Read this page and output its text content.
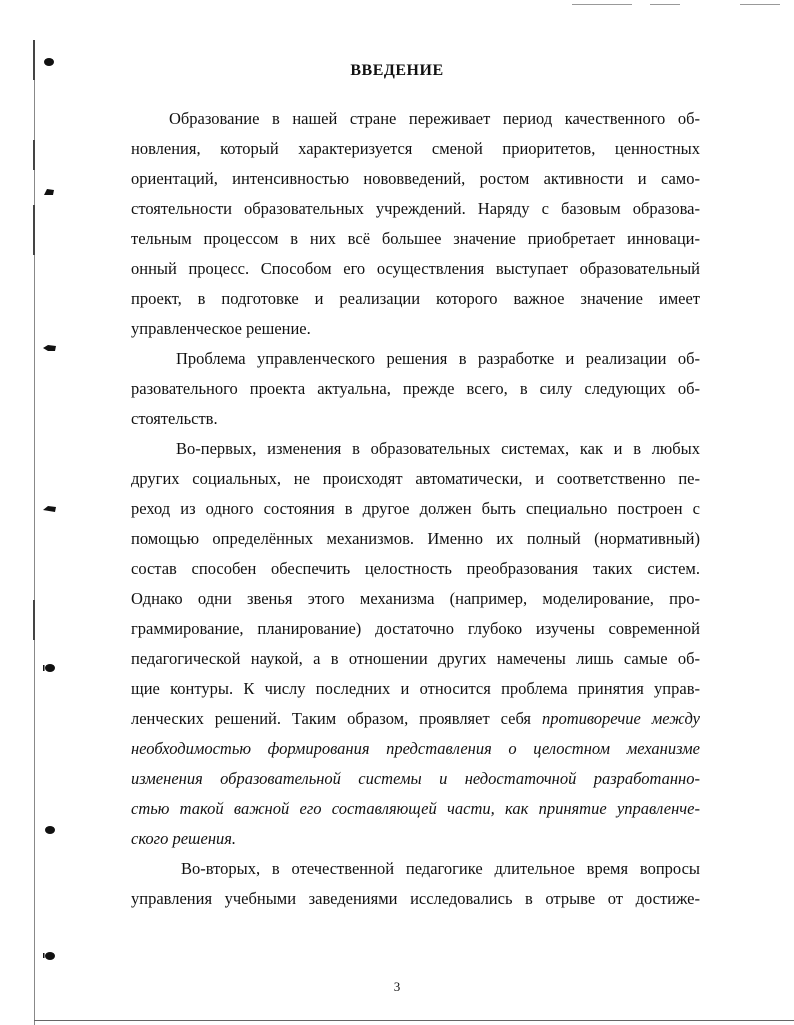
ВВЕДЕНИЕ

Образование в нашей стране переживает период качественного об-
новления, который характеризуется сменой приоритетов, ценностных
ориентаций, интенсивностью нововведений, ростом активности и само-
стоятельности образовательных учреждений. Наряду с базовым образова-
тельным процессом в них всё большее значение приобретает инновaци-
онный процесс. Способом его осуществления выступает образовательный
проект, в подготовке и реализации которого важное значение имеет
управленческое решение.

Проблема управленческого решения в разработке и реализации об-
разовательного проекта актуальна, прежде всего, в силу следующих об-
стоятельств.

Во-первых, изменения в образовательных системах, как и в любых
других социальных, не происходят автоматически, и соответственно пе-
реход из одного состояния в другое должен быть специально построен с
помощью определённых механизмов. Именно их полный (нормативный)
состав способен обеспечить целостность преобразования таких систем.
Однако одни звенья этого механизма (например, моделирование, про-
граммирование, планирование) достаточно глубоко изучены современной
педагогической наукой, а в отношении других намечены лишь самые об-
щие контуры. К числу последних и относится проблема принятия управ-
ленческих решений. Таким образом, проявляет себя противоречие между
необходимостью формирования представления о целостном механизме
изменения образовательной системы и недостаточной разработанно-
стью такой важной его составляющей части, как принятие управленче-
ского решения.

Во-вторых, в отечественной педагогике длительное время вопросы
управления учебными заведениями исследовались в отрыве от достиже-

3
